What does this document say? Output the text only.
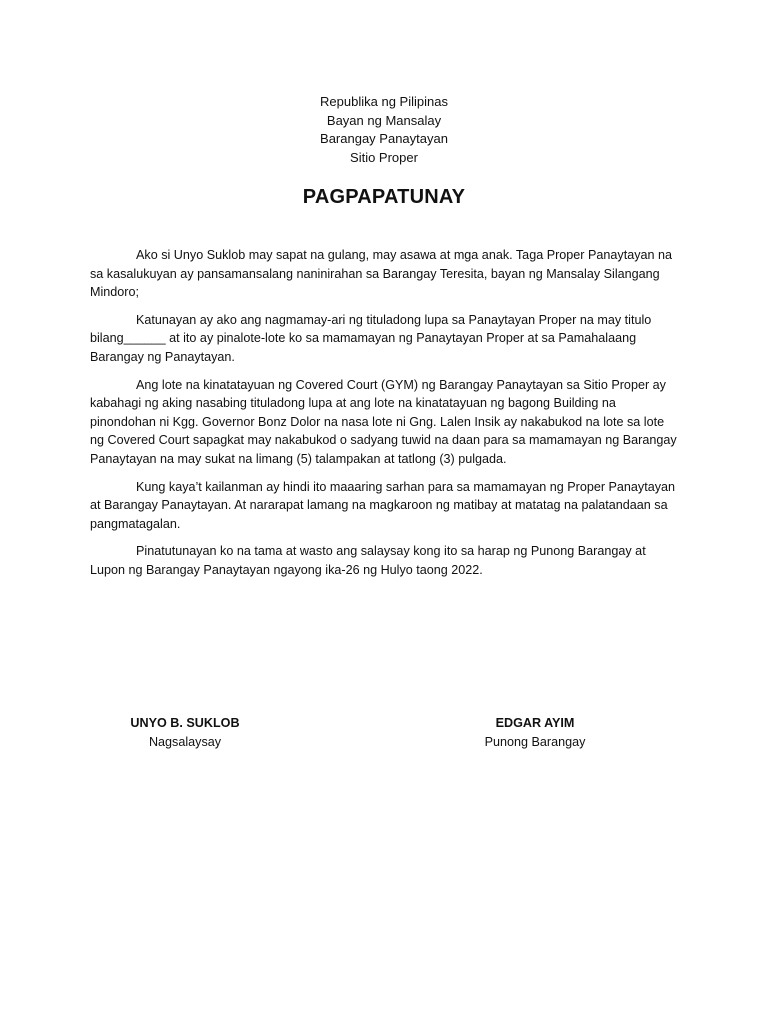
Republika ng Pilipinas
Bayan ng Mansalay
Barangay Panaytayan
Sitio Proper
PAGPAPATUNAY

Ako si Unyo Suklob may sapat na gulang, may asawa at mga anak. Taga Proper Panaytayan na sa kasalukuyan ay pansamansalang naninirahan sa Barangay Teresita, bayan ng Mansalay Silangang Mindoro;

Katunayan ay ako ang nagmamay-ari ng tituladong lupa sa Panaytayan Proper na may titulo bilang______ at ito ay pinalote-lote ko sa mamamayan ng Panaytayan Proper at sa Pamahalaang Barangay ng Panaytayan.

Ang lote na kinatatayuan ng Covered Court (GYM) ng Barangay Panaytayan sa Sitio Proper ay kabahagi ng aking nasabing tituladong lupa at ang lote na kinatatayuan ng bagong Building na pinondohan ni Kgg. Governor Bonz Dolor na nasa lote ni Gng. Lalen Insik ay nakabukod na lote sa lote ng Covered Court sapagkat may nakabukod o sadyang tuwid na daan para sa mamamayan ng Barangay Panaytayan na may sukat na limang (5) talampakan at tatlong (3) pulgada.

Kung kaya’t kailanman ay hindi ito maaaring sarhan para sa mamamayan ng Proper Panaytayan at Barangay Panaytayan. At nararapat lamang na magkaroon ng matibay at matatag na palatandaan sa pangmatagalan.

Pinatutunayan ko na tama at wasto ang salaysay kong ito sa harap ng Punong Barangay at Lupon ng Barangay Panaytayan ngayong ika-26 ng Hulyo taong 2022.

UNYO B. SUKLOB
Nagsalaysay
EDGAR AYIM
Punong Barangay
